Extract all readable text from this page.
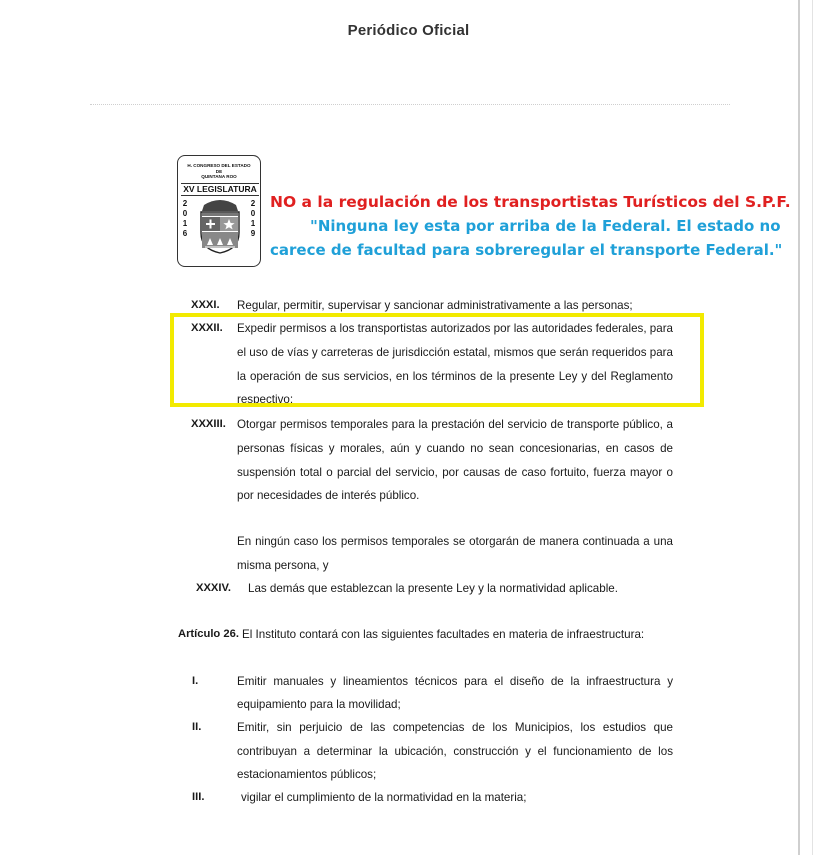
Periódico Oficial
H. CONGRESO DEL ESTADO
DE
QUINTANA ROO
XV LEGISLATURA
2
0
1
6
2
0
1
9
NO a la regulación de los transportistas Turísticos del S.P.F.
"Ninguna ley esta por arriba de la Federal. El estado no
carece de facultad para sobreregular el transporte Federal."
XXXI. Regular, permitir, supervisar y sancionar administrativamente a las personas;
XXXII. Expedir permisos a los transportistas autorizados por las autoridades federales, para
el uso de vías y carreteras de jurisdicción estatal, mismos que serán requeridos para
la operación de sus servicios, en los términos de la presente Ley y del Reglamento
respectivo;
XXXIII. Otorgar permisos temporales para la prestación del servicio de transporte público, a
personas físicas y morales, aún y cuando no sean concesionarias, en casos de
suspensión total o parcial del servicio, por causas de caso fortuito, fuerza mayor o
por necesidades de interés público.
En ningún caso los permisos temporales se otorgarán de manera continuada a una
misma persona, y
XXXIV. Las demás que establezcan la presente Ley y la normatividad aplicable.
Artículo 26. El Instituto contará con las siguientes facultades en materia de infraestructura:
I.	Emitir manuales y lineamientos técnicos para el diseño de la infraestructura y
equipamiento para la movilidad;
II.	Emitir, sin perjuicio de las competencias de los Municipios, los estudios que
contribuyan a determinar la ubicación, construcción y el funcionamiento de los
estacionamientos públicos;
III.	vigilar el cumplimiento de la normatividad en la materia;
